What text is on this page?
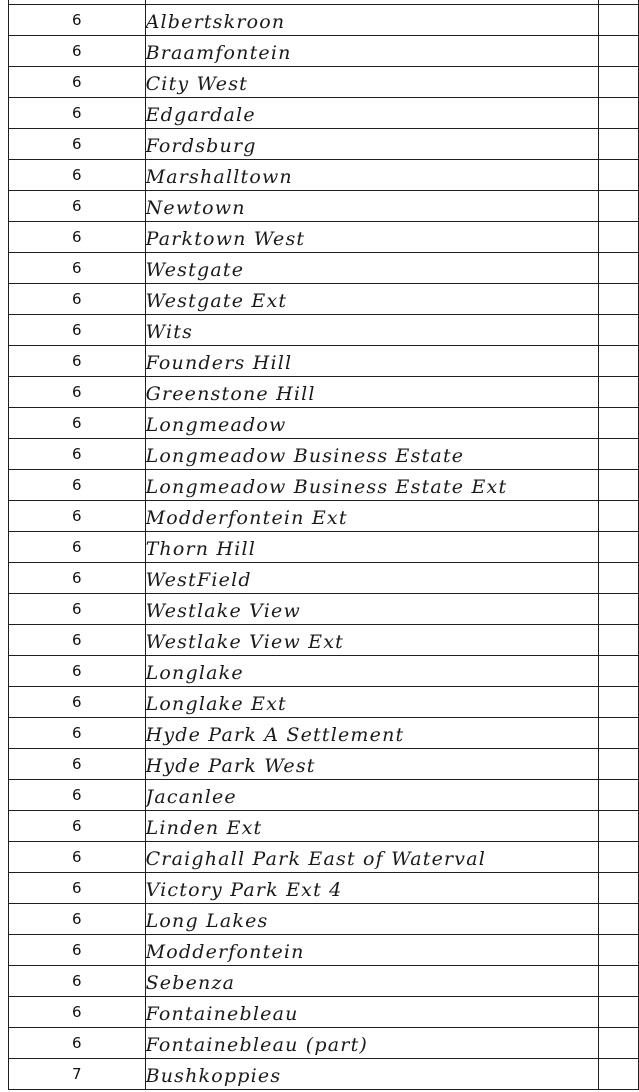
6	Albertskroon	
6	Braamfontein	
6	City West	
6	Edgardale	
6	Fordsburg	
6	Marshalltown	
6	Newtown	
6	Parktown West	
6	Westgate	
6	Westgate Ext	
6	Wits	
6	Founders Hill	
6	Greenstone Hill	
6	Longmeadow	
6	Longmeadow Business Estate	
6	Longmeadow Business Estate Ext	
6	Modderfontein Ext	
6	Thorn Hill	
6	WestField	
6	Westlake View	
6	Westlake View Ext	
6	Longlake	
6	Longlake Ext	
6	Hyde Park A Settlement	
6	Hyde Park West	
6	Jacanlee	
6	Linden Ext	
6	Craighall Park East of Waterval	
6	Victory Park Ext 4	
6	Long Lakes	
6	Modderfontein	
6	Sebenza	
6	Fontainebleau	
6	Fontainebleau (part)	
7	Bushkoppies	
